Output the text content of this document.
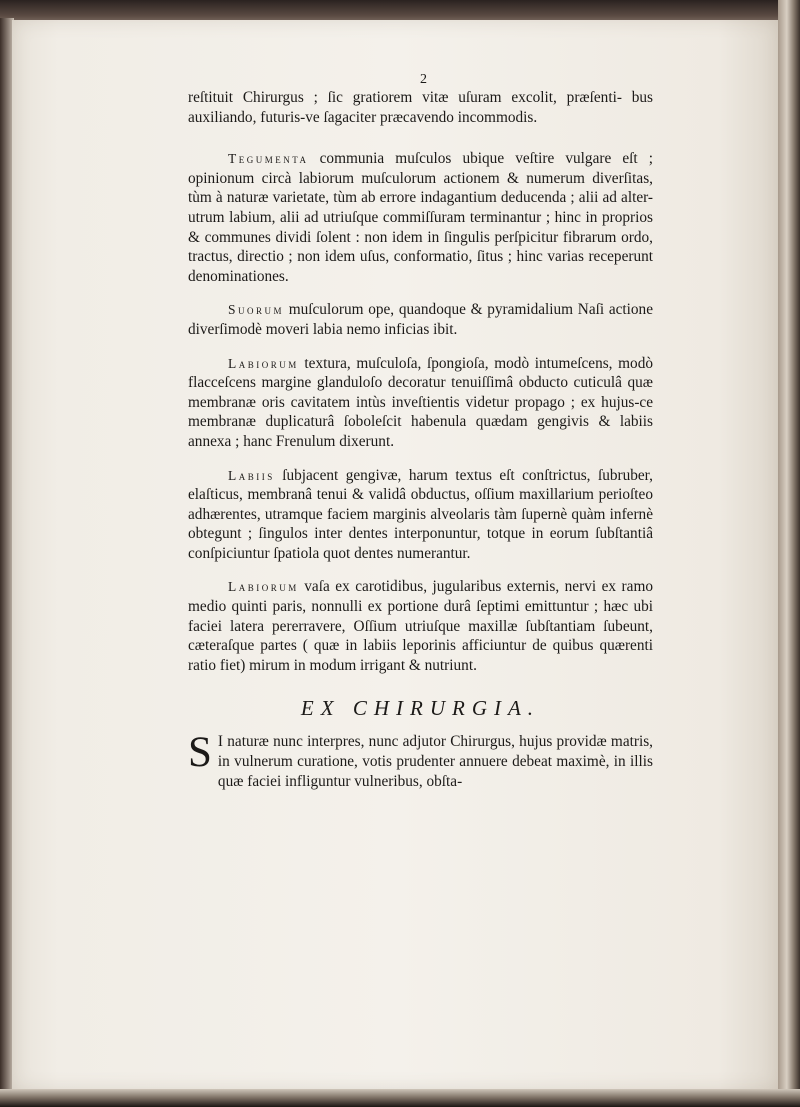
2

reſtituit Chirurgus ; ſic gratiorem vitæ uſuram excolit, præſenti- bus auxiliando, futuris-ve ſagaciter præcavendo incommodis.

Tegumenta communia muſculos ubique veſtire vulgare eſt ; opinionum circà labiorum muſculorum actionem & numerum diverſitas, tùm à naturæ varietate, tùm ab errore indagantium deducenda ; alii ad alter-utrum labium, alii ad utriuſque commiſſuram terminantur ; hinc in proprios & communes dividi ſolent : non idem in ſingulis perſpicitur fibrarum ordo, tractus, directio ; non idem uſus, conformatio, ſitus ; hinc varias receperunt denominationes.

Suorum muſculorum ope, quandoque & pyramidalium Naſi actione diverſimodè moveri labia nemo inficias ibit.

Labiorum textura, muſculoſa, ſpongioſa, modò intumeſcens, modò flacceſcens margine glanduloſo decoratur tenuiſſimâ obducto cuticulâ quæ membranæ oris cavitatem intùs inveſtientis videtur propago ; ex hujus-ce membranæ duplicaturâ ſoboleſcit habenula quædam gengivis & labiis annexa ; hanc Frenulum dixerunt.

Labiis ſubjacent gengivæ, harum textus eſt conſtrictus, ſubruber, elaſticus, membranâ tenui & validâ obductus, oſſium maxillarium perioſteo adhærentes, utramque faciem marginis alveolaris tàm ſupernè quàm infernè obtegunt ; ſingulos inter dentes interponuntur, totque in eorum ſubſtantiâ conſpiciuntur ſpatiola quot dentes numerantur.

Labiorum vaſa ex carotidibus, jugularibus externis, nervi ex ramo medio quinti paris, nonnulli ex portione durâ ſeptimi emittuntur ; hæc ubi faciei latera pererravere, Oſſium utriuſque maxillæ ſubſtantiam ſubeunt, cæteraſque partes ( quæ in labiis leporinis afficiuntur de quibus quærenti ratio fiet) mirum in modum irrigant & nutriunt.

EX CHIRURGIA.

S I naturæ nunc interpres, nunc adjutor Chirurgus, hujus providæ matris, in vulnerum curatione, votis prudenter annuere debeat maximè, in illis quæ faciei infliguntur vulneribus, obſta-
